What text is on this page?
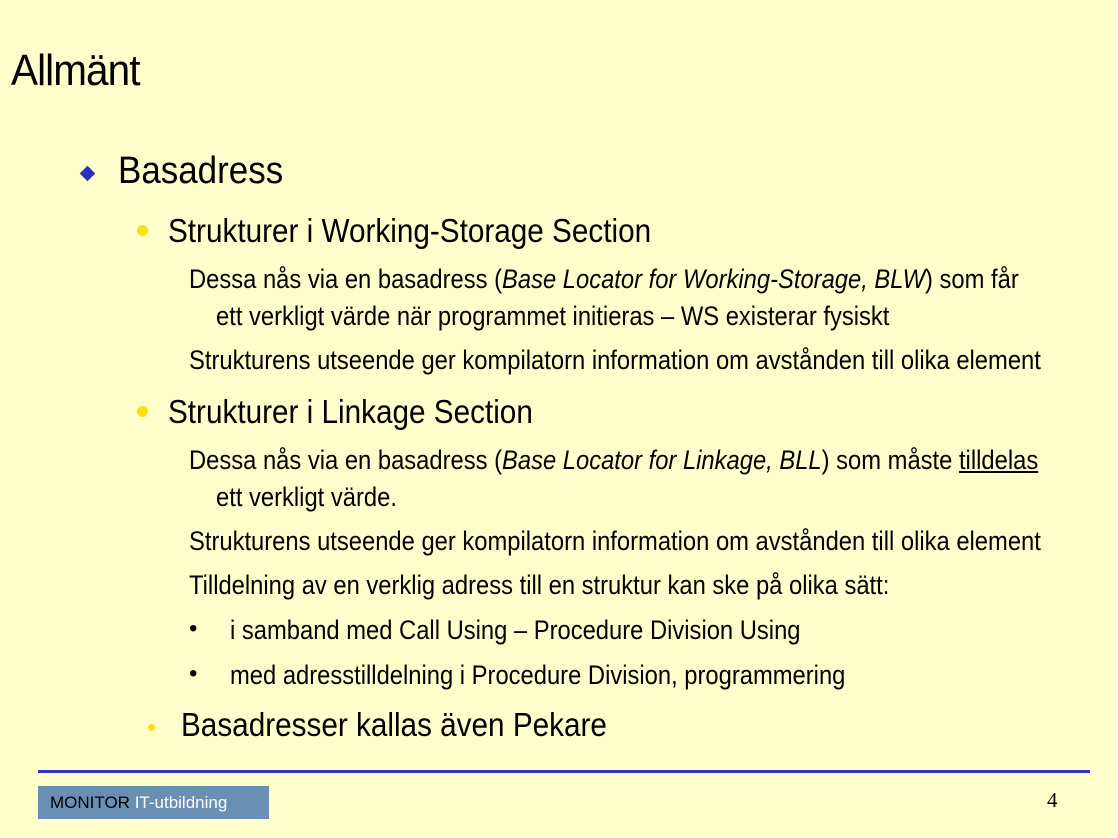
Allmänt
Basadress
Strukturer i Working-Storage Section
Dessa nås via en basadress (Base Locator for Working-Storage, BLW) som får
ett verkligt värde när programmet initieras – WS existerar fysiskt
Strukturens utseende ger kompilatorn information om avstånden till olika element
Strukturer i Linkage Section
Dessa nås via en basadress (Base Locator for Linkage, BLL) som måste tilldelas
ett verkligt värde.
Strukturens utseende ger kompilatorn information om avstånden till olika element
Tilldelning av en verklig adress till en struktur kan ske på olika sätt:
• i samband med Call Using – Procedure Division Using
• med adresstilldelning i Procedure Division, programmering
Basadresser kallas även Pekare
MONITOR IT-utbildning	4
